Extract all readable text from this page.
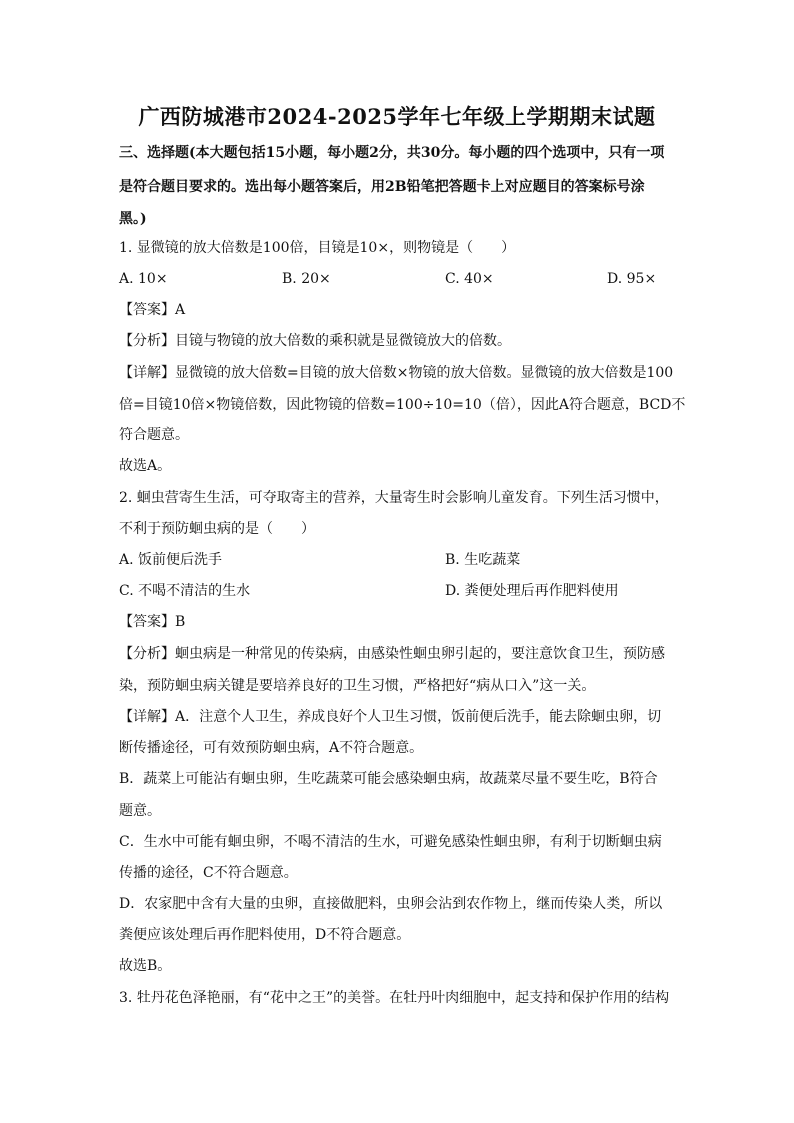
广西防城港市2024-2025学年七年级上学期期末试题

三、选择题(本大题包括15小题，每小题2分，共30分。每小题的四个选项中，只有一项

是符合题目要求的。选出每小题答案后，用2B铅笔把答题卡上对应题目的答案标号涂

黑。)

1. 显微镜的放大倍数是100倍，目镜是10×，则物镜是（　　）

A. 10×	B. 20×	C. 40×	D. 95×

【答案】A

【分析】目镜与物镜的放大倍数的乘积就是显微镜放大的倍数。

【详解】显微镜的放大倍数=目镜的放大倍数×物镜的放大倍数。显微镜的放大倍数是100

倍=目镜10倍×物镜倍数，因此物镜的倍数=100÷10=10（倍），因此A符合题意，BCD不

符合题意。

故选A。

2. 蛔虫营寄生生活，可夺取寄主的营养，大量寄生时会影响儿童发育。下列生活习惯中，

不利于预防蛔虫病的是（　　）

A. 饭前便后洗手	B. 生吃蔬菜
C. 不喝不清洁的生水	D. 粪便处理后再作肥料使用

【答案】B

【分析】蛔虫病是一种常见的传染病，由感染性蛔虫卵引起的，要注意饮食卫生，预防感

染，预防蛔虫病关键是要培养良好的卫生习惯，严格把好“病从口入”这一关。

【详解】A．注意个人卫生，养成良好个人卫生习惯，饭前便后洗手，能去除蛔虫卵，切

断传播途径，可有效预防蛔虫病，A不符合题意。

B．蔬菜上可能沾有蛔虫卵，生吃蔬菜可能会感染蛔虫病，故蔬菜尽量不要生吃，B符合

题意。

C．生水中可能有蛔虫卵，不喝不清洁的生水，可避免感染性蛔虫卵，有利于切断蛔虫病

传播的途径，C不符合题意。

D．农家肥中含有大量的虫卵，直接做肥料，虫卵会沾到农作物上，继而传染人类，所以

粪便应该处理后再作肥料使用，D不符合题意。

故选B。

3. 牡丹花色泽艳丽，有“花中之王”的美誉。在牡丹叶肉细胞中，起支持和保护作用的结构
